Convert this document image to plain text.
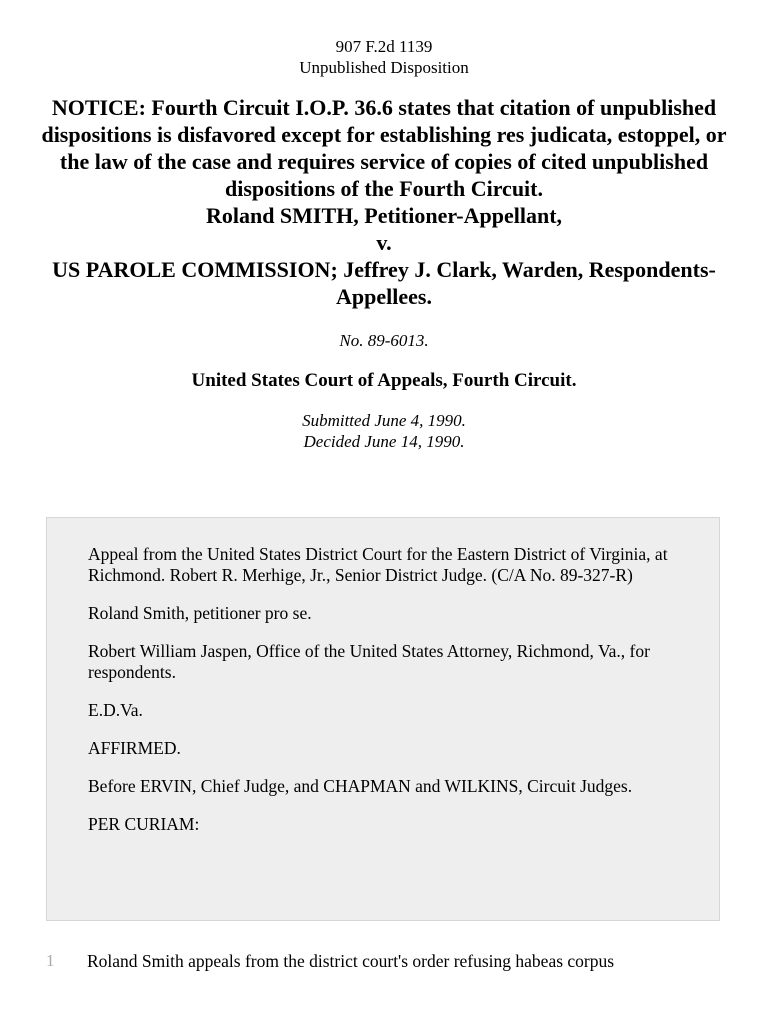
907 F.2d 1139
Unpublished Disposition
NOTICE: Fourth Circuit I.O.P. 36.6 states that citation of unpublished dispositions is disfavored except for establishing res judicata, estoppel, or the law of the case and requires service of copies of cited unpublished dispositions of the Fourth Circuit.
Roland SMITH, Petitioner-Appellant,
v.
US PAROLE COMMISSION; Jeffrey J. Clark, Warden, Respondents-Appellees.
No. 89-6013.
United States Court of Appeals, Fourth Circuit.
Submitted June 4, 1990.
Decided June 14, 1990.

Appeal from the United States District Court for the Eastern District of Virginia, at Richmond. Robert R. Merhige, Jr., Senior District Judge. (C/A No. 89-327-R)

Roland Smith, petitioner pro se.

Robert William Jaspen, Office of the United States Attorney, Richmond, Va., for respondents.

E.D.Va.

AFFIRMED.

Before ERVIN, Chief Judge, and CHAPMAN and WILKINS, Circuit Judges.

PER CURIAM:

1 Roland Smith appeals from the district court's order refusing habeas corpus
